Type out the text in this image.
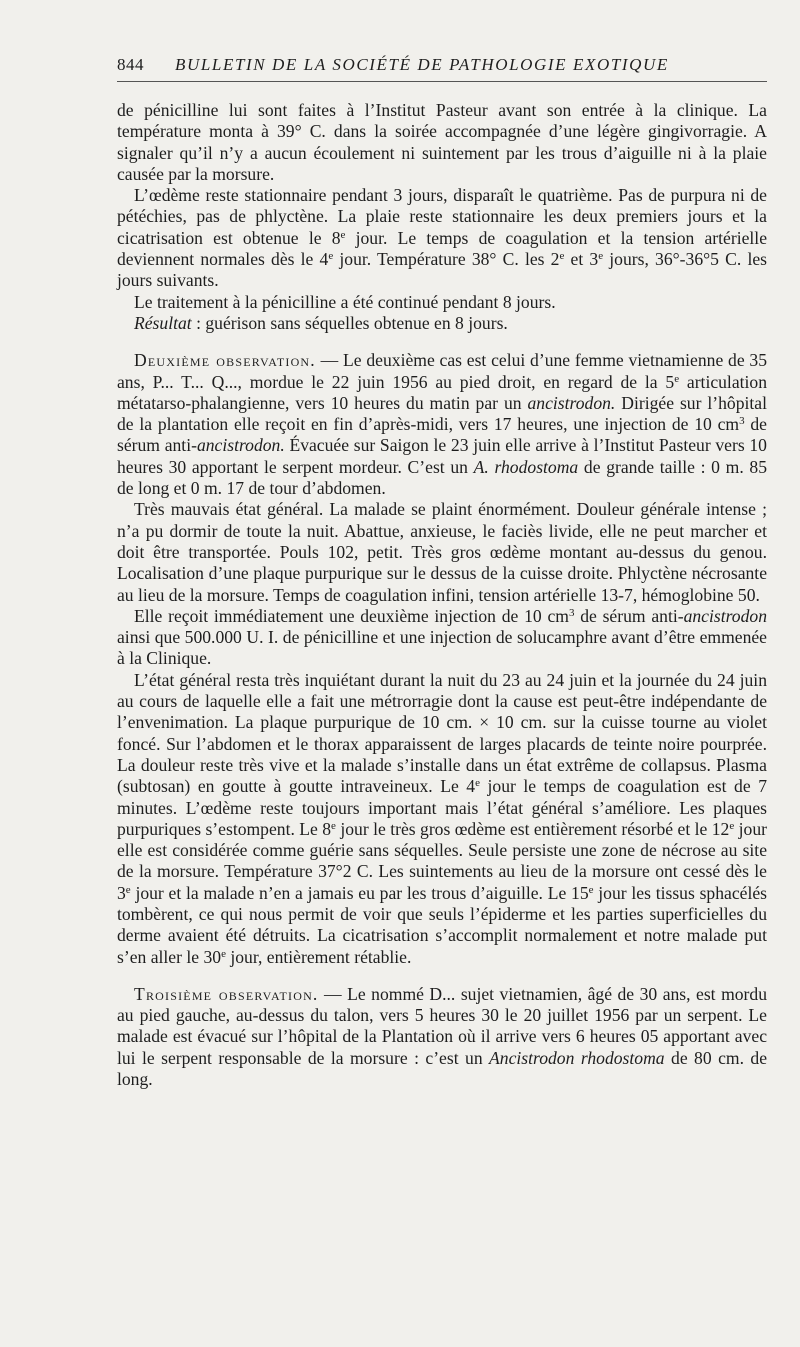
844 BULLETIN DE LA SOCIÉTÉ DE PATHOLOGIE EXOTIQUE

de pénicilline lui sont faites à l’Institut Pasteur avant son entrée à la clinique. La température monta à 39° C. dans la soirée accompagnée d’une légère gingivorragie. A signaler qu’il n’y a aucun écoulement ni suintement par les trous d’aiguille ni à la plaie causée par la morsure.

L’œdème reste stationnaire pendant 3 jours, disparaît le quatrième. Pas de purpura ni de pétéchies, pas de phlyctène. La plaie reste stationnaire les deux premiers jours et la cicatrisation est obtenue le 8e jour. Le temps de coagulation et la tension artérielle deviennent normales dès le 4e jour. Température 38° C. les 2e et 3e jours, 36°-36°5 C. les jours suivants.

Le traitement à la pénicilline a été continué pendant 8 jours.

Résultat : guérison sans séquelles obtenue en 8 jours.

Deuxième observation. — Le deuxième cas est celui d’une femme vietnamienne de 35 ans, P... T... Q..., mordue le 22 juin 1956 au pied droit, en regard de la 5e articulation métatarso-phalangienne, vers 10 heures du matin par un ancistrodon. Dirigée sur l’hôpital de la plantation elle reçoit en fin d’après-midi, vers 17 heures, une injection de 10 $cm^3$ de sérum anti-ancistrodon. Évacuée sur Saigon le 23 juin elle arrive à l’Institut Pasteur vers 10 heures 30 apportant le serpent mordeur. C’est un A. rhodostoma de grande taille : 0 m. 85 de long et 0 m. 17 de tour d’abdomen.

Très mauvais état général. La malade se plaint énormément. Douleur générale intense ; n’a pu dormir de toute la nuit. Abattue, anxieuse, le faciès livide, elle ne peut marcher et doit être transportée. Pouls 102, petit. Très gros œdème montant au-dessus du genou. Localisation d’une plaque purpurique sur le dessus de la cuisse droite. Phlyctène nécrosante au lieu de la morsure. Temps de coagulation infini, tension artérielle 13-7, hémoglobine 50.

Elle reçoit immédiatement une deuxième injection de 10 $cm^3$ de sérum anti-ancistrodon ainsi que 500.000 U. I. de pénicilline et une injection de solucamphre avant d’être emmenée à la Clinique.

L’état général resta très inquiétant durant la nuit du 23 au 24 juin et la journée du 24 juin au cours de laquelle elle a fait une métrorragie dont la cause est peut-être indépendante de l’envenimation. La plaque purpurique de 10 cm. × 10 cm. sur la cuisse tourne au violet foncé. Sur l’abdomen et le thorax apparaissent de larges placards de teinte noire pourprée. La douleur reste très vive et la malade s’installe dans un état extrême de collapsus. Plasma (subtosan) en goutte à goutte intraveineux. Le 4e jour le temps de coagulation est de 7 minutes. L’œdème reste toujours important mais l’état général s’améliore. Les plaques purpuriques s’estompent. Le 8e jour le très gros œdème est entièrement résorbé et le 12e jour elle est considérée comme guérie sans séquelles. Seule persiste une zone de nécrose au site de la morsure. Température 37°2 C. Les suintements au lieu de la morsure ont cessé dès le 3e jour et la malade n’en a jamais eu par les trous d’aiguille. Le 15e jour les tissus sphacélés tombèrent, ce qui nous permit de voir que seuls l’épiderme et les parties superficielles du derme avaient été détruits. La cicatrisation s’accomplit normalement et notre malade put s’en aller le 30e jour, entièrement rétablie.

Troisième observation. — Le nommé D... sujet vietnamien, âgé de 30 ans, est mordu au pied gauche, au-dessus du talon, vers 5 heures 30 le 20 juillet 1956 par un serpent. Le malade est évacué sur l’hôpital de la Plantation où il arrive vers 6 heures 05 apportant avec lui le serpent responsable de la morsure : c’est un Ancistrodon rhodostoma de 80 cm. de long.
